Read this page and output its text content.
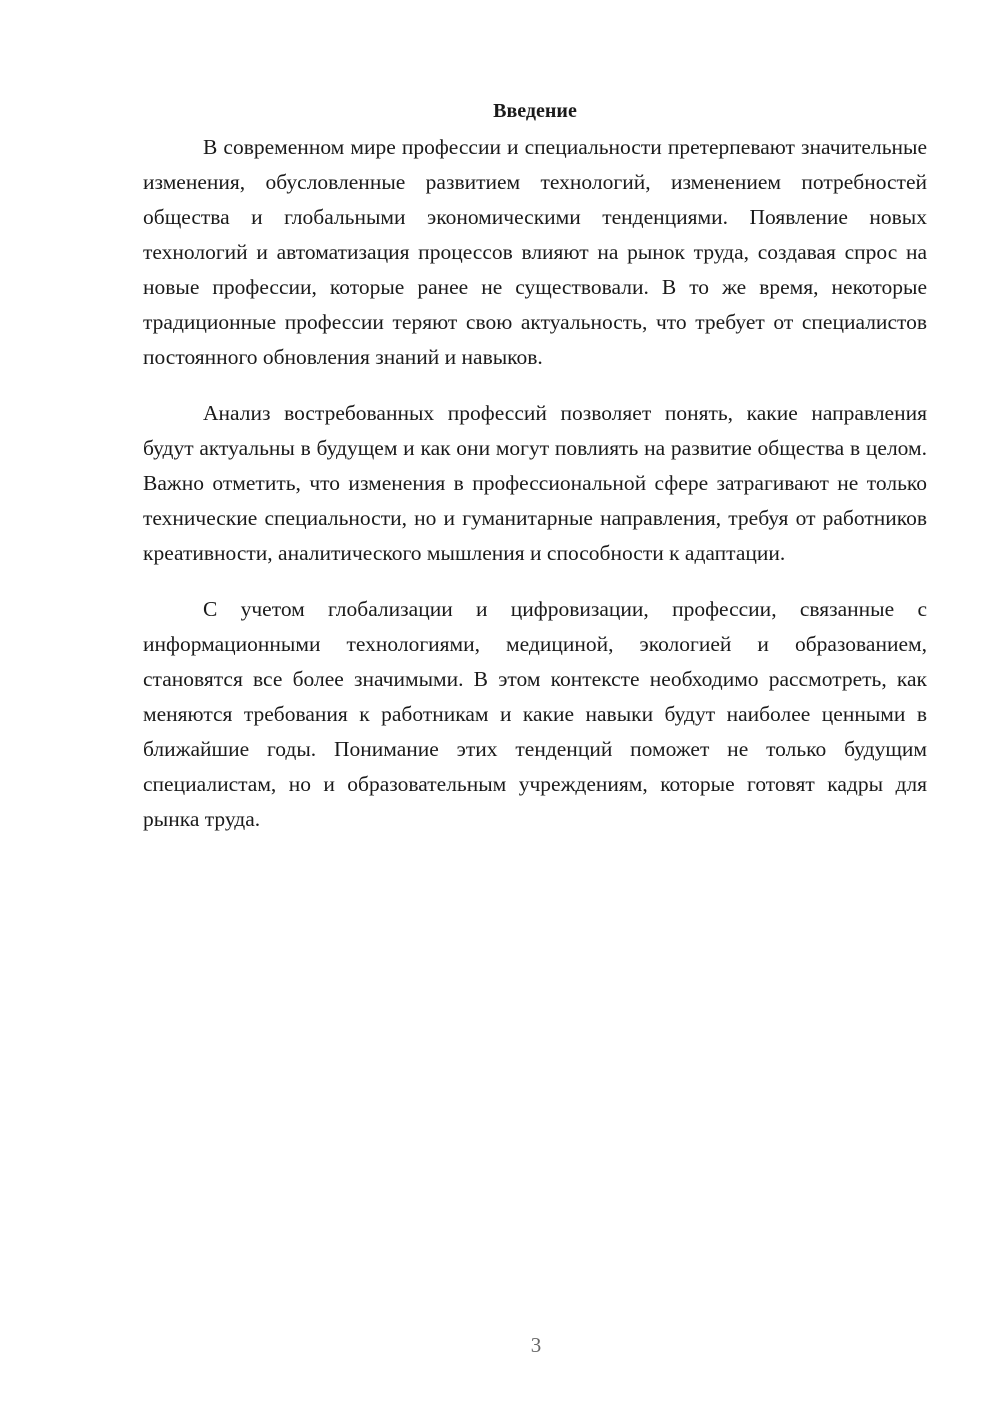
Введение

В современном мире профессии и специальности претерпевают значительные изменения, обусловленные развитием технологий, изменением потребностей общества и глобальными экономическими тенденциями. Появление новых технологий и автоматизация процессов влияют на рынок труда, создавая спрос на новые профессии, которые ранее не существовали. В то же время, некоторые традиционные профессии теряют свою актуальность, что требует от специалистов постоянного обновления знаний и навыков.

Анализ востребованных профессий позволяет понять, какие направления будут актуальны в будущем и как они могут повлиять на развитие общества в целом. Важно отметить, что изменения в профессиональной сфере затрагивают не только технические специальности, но и гуманитарные направления, требуя от работников креативности, аналитического мышления и способности к адаптации.

С учетом глобализации и цифровизации, профессии, связанные с информационными технологиями, медициной, экологией и образованием, становятся все более значимыми. В этом контексте необходимо рассмотреть, как меняются требования к работникам и какие навыки будут наиболее ценными в ближайшие годы. Понимание этих тенденций поможет не только будущим специалистам, но и образовательным учреждениям, которые готовят кадры для рынка труда.

3
